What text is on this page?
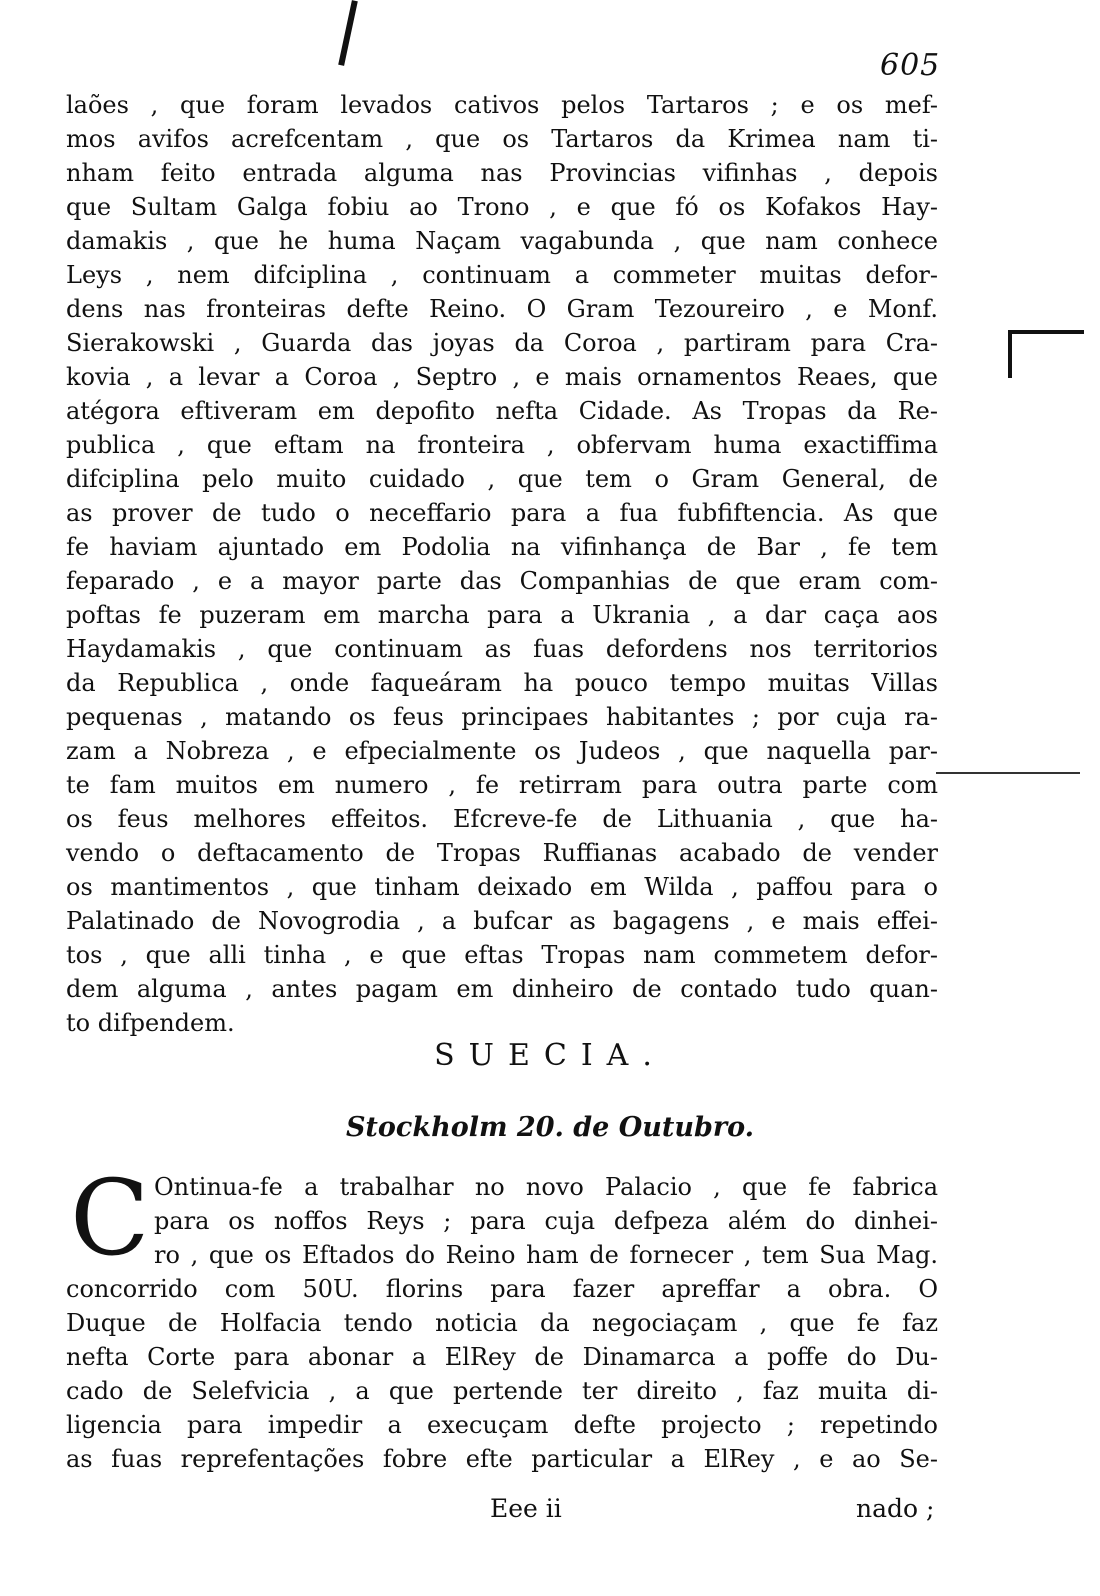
605
laões , que foram levados cativos pelos Tartaros ; e os mef-
mos avifos acrefcentam , que os Tartaros da Krimea nam ti-
nham feito entrada alguma nas Provincias vifinhas , depois
que Sultam Galga fobiu ao Trono , e que fó os Kofakos Hay-
damakis , que he huma Naçam vagabunda , que nam conhece
Leys , nem difciplina , continuam a commeter muitas defor-
dens nas fronteiras defte Reino. O Gram Tezoureiro , e Monf.
Sierakowski , Guarda das joyas da Coroa , partiram para Cra-
kovia , a levar a Coroa , Septro , e mais ornamentos Reaes, que
atégora eftiveram em depofito nefta Cidade. As Tropas da Re-
publica , que eftam na fronteira , obfervam huma exactiffima
difciplina pelo muito cuidado , que tem o Gram General, de
as prover de tudo o neceffario para a fua fubfiftencia. As que
fe haviam ajuntado em Podolia na vifinhança de Bar , fe tem
feparado , e a mayor parte das Companhias de que eram com-
poftas fe puzeram em marcha para a Ukrania , a dar caça aos
Haydamakis , que continuam as fuas defordens nos territorios
da Republica , onde faqueáram ha pouco tempo muitas Villas
pequenas , matando os feus principaes habitantes ; por cuja ra-
zam a Nobreza , e efpecialmente os Judeos , que naquella par-
te fam muitos em numero , fe retirram para outra parte com
os feus melhores effeitos. Efcreve-fe de Lithuania , que ha-
vendo o deftacamento de Tropas Ruffianas acabado de vender
os mantimentos , que tinham deixado em Wilda , paffou para o
Palatinado de Novogrodia , a bufcar as bagagens , e mais effei-
tos , que alli tinha , e que eftas Tropas nam commetem defor-
dem alguma , antes pagam em dinheiro de contado tudo quan-
to difpendem.
SUECIA.
Stockholm 20. de Outubro.
C Ontinua-fe a trabalhar no novo Palacio , que fe fabrica
para os noffos Reys ; para cuja defpeza além do dinhei-
ro , que os Eftados do Reino ham de fornecer , tem Sua Mag.
concorrido com 50U. florins para fazer apreffar a obra. O
Duque de Holfacia tendo noticia da negociaçam , que fe faz
nefta Corte para abonar a ElRey de Dinamarca a poffe do Du-
cado de Selefvicia , a que pertende ter direito , faz muita di-
ligencia para impedir a execuçam defte projecto ; repetindo
as fuas reprefentações fobre efte particular a ElRey , e ao Se-
Eee ii	nado ;
